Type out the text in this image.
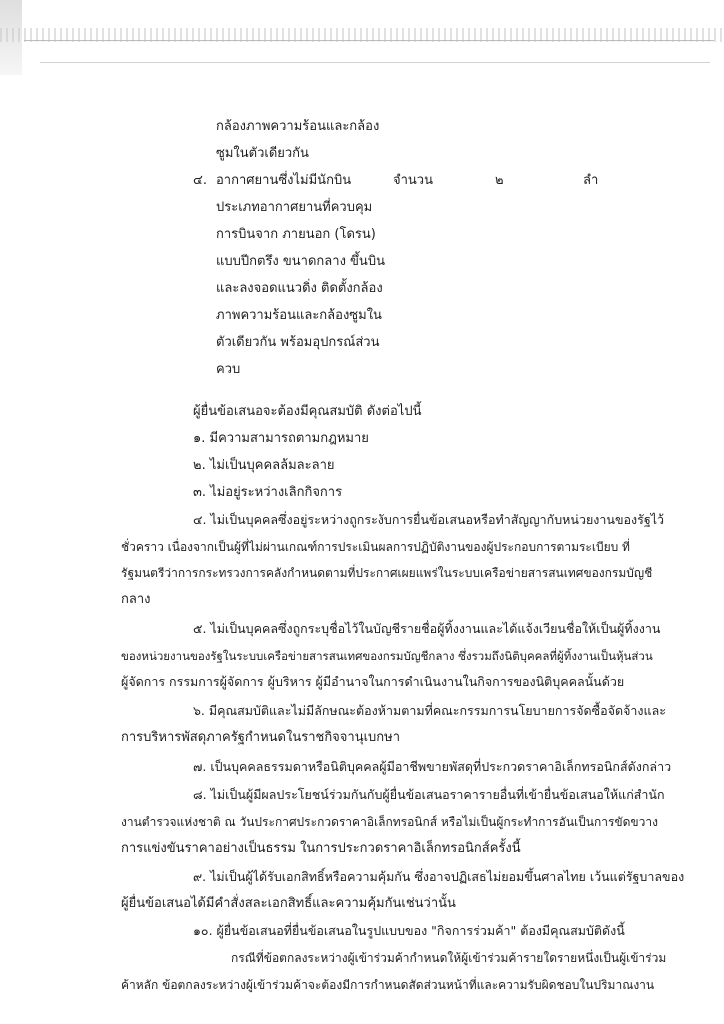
กล้องภาพความร้อนและกล้อง
ซูมในตัวเดียวกัน
๔. อากาศยานซึ่งไม่มีนักบิน	จำนวน	๒	ลำ
ประเภทอากาศยานที่ควบคุม
การบินจาก ภายนอก (โดรน)
แบบปีกตรึง ขนาดกลาง ขึ้นบิน
และลงจอดแนวดิ่ง ติดตั้งกล้อง
ภาพความร้อนและกล้องซูมใน
ตัวเดียวกัน พร้อมอุปกรณ์ส่วน
ควบ
ผู้ยื่นข้อเสนอจะต้องมีคุณสมบัติ ดังต่อไปนี้
๑. มีความสามารถตามกฎหมาย
๒. ไม่เป็นบุคคลล้มละลาย
๓. ไม่อยู่ระหว่างเลิกกิจการ
๔. ไม่เป็นบุคคลซึ่งอยู่ระหว่างถูกระงับการยื่นข้อเสนอหรือทำสัญญากับหน่วยงานของรัฐไว้
ชั่วคราว เนื่องจากเป็นผู้ที่ไม่ผ่านเกณฑ์การประเมินผลการปฏิบัติงานของผู้ประกอบการตามระเบียบ ที่
รัฐมนตรีว่าการกระทรวงการคลังกำหนดตามที่ประกาศเผยแพร่ในระบบเครือข่ายสารสนเทศของกรมบัญชี
กลาง
๕. ไม่เป็นบุคคลซึ่งถูกระบุชื่อไว้ในบัญชีรายชื่อผู้ทิ้งงานและได้แจ้งเวียนชื่อให้เป็นผู้ทิ้งงาน
ของหน่วยงานของรัฐในระบบเครือข่ายสารสนเทศของกรมบัญชีกลาง ซึ่งรวมถึงนิติบุคคลที่ผู้ทิ้งงานเป็นหุ้นส่วน
ผู้จัดการ กรรมการผู้จัดการ ผู้บริหาร ผู้มีอำนาจในการดำเนินงานในกิจการของนิติบุคคลนั้นด้วย
๖. มีคุณสมบัติและไม่มีลักษณะต้องห้ามตามที่คณะกรรมการนโยบายการจัดซื้อจัดจ้างและ
การบริหารพัสดุภาครัฐกำหนดในราชกิจจานุเบกษา
๗. เป็นบุคคลธรรมดาหรือนิติบุคคลผู้มีอาชีพขายพัสดุที่ประกวดราคาอิเล็กทรอนิกส์ดังกล่าว
๘. ไม่เป็นผู้มีผลประโยชน์ร่วมกันกับผู้ยื่นข้อเสนอราคารายอื่นที่เข้ายื่นข้อเสนอให้แก่สำนัก
งานตำรวจแห่งชาติ ณ วันประกาศประกวดราคาอิเล็กทรอนิกส์ หรือไม่เป็นผู้กระทำการอันเป็นการขัดขวาง
การแข่งขันราคาอย่างเป็นธรรม ในการประกวดราคาอิเล็กทรอนิกส์ครั้งนี้
๙. ไม่เป็นผู้ได้รับเอกสิทธิ์หรือความคุ้มกัน ซึ่งอาจปฏิเสธไม่ยอมขึ้นศาลไทย เว้นแต่รัฐบาลของ
ผู้ยื่นข้อเสนอได้มีคำสั่งสละเอกสิทธิ์และความคุ้มกันเช่นว่านั้น
๑๐. ผู้ยื่นข้อเสนอที่ยื่นข้อเสนอในรูปแบบของ "กิจการร่วมค้า" ต้องมีคุณสมบัติดังนี้
กรณีที่ข้อตกลงระหว่างผู้เข้าร่วมค้ากำหนดให้ผู้เข้าร่วมค้ารายใดรายหนึ่งเป็นผู้เข้าร่วม
ค้าหลัก ข้อตกลงระหว่างผู้เข้าร่วมค้าจะต้องมีการกำหนดสัดส่วนหน้าที่และความรับผิดชอบในปริมาณงาน
